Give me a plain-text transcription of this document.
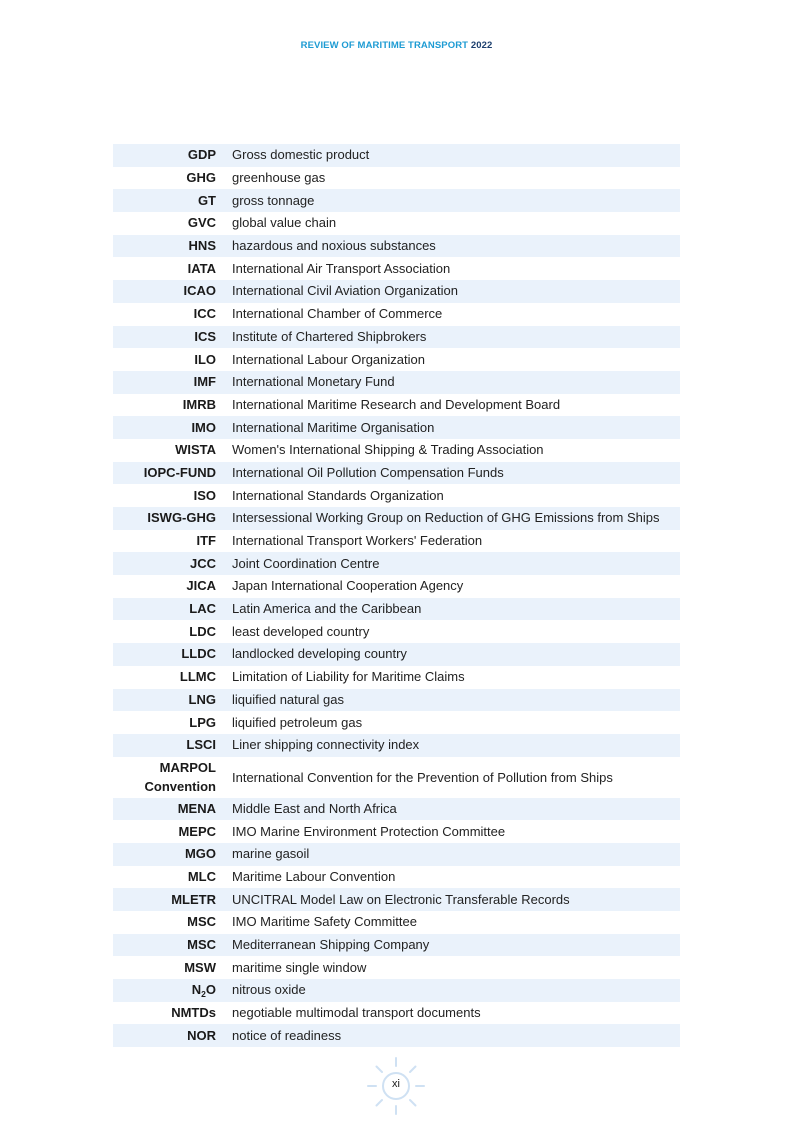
REVIEW OF MARITIME TRANSPORT 2022
GDP	Gross domestic product
GHG	greenhouse gas
GT	gross tonnage
GVC	global value chain
HNS	hazardous and noxious substances
IATA	International Air Transport Association
ICAO	International Civil Aviation Organization
ICC	International Chamber of Commerce
ICS	Institute of Chartered Shipbrokers
ILO	International Labour Organization
IMF	International Monetary Fund
IMRB	International Maritime Research and Development Board
IMO	International Maritime Organisation
WISTA	Women's International Shipping & Trading Association
IOPC-FUND	International Oil Pollution Compensation Funds
ISO	International Standards Organization
ISWG-GHG	Intersessional Working Group on Reduction of GHG Emissions from Ships
ITF	International Transport Workers' Federation
JCC	Joint Coordination Centre
JICA	Japan International Cooperation Agency
LAC	Latin America and the Caribbean
LDC	least developed country
LLDC	landlocked developing country
LLMC	Limitation of Liability for Maritime Claims
LNG	liquified natural gas
LPG	liquified petroleum gas
LSCI	Liner shipping connectivity index

MARPOL
Convention	International Convention for the Prevention of Pollution from Ships
MENA	Middle East and North Africa
MEPC	IMO Marine Environment Protection Committee
MGO	marine gasoil
MLC	Maritime Labour Convention
MLETR	UNCITRAL Model Law on Electronic Transferable Records
MSC	IMO Maritime Safety Committee
MSC	Mediterranean Shipping Company
MSW	maritime single window
$N_2O$	nitrous oxide
NMTDs	negotiable multimodal transport documents
NOR	notice of readiness
xi
